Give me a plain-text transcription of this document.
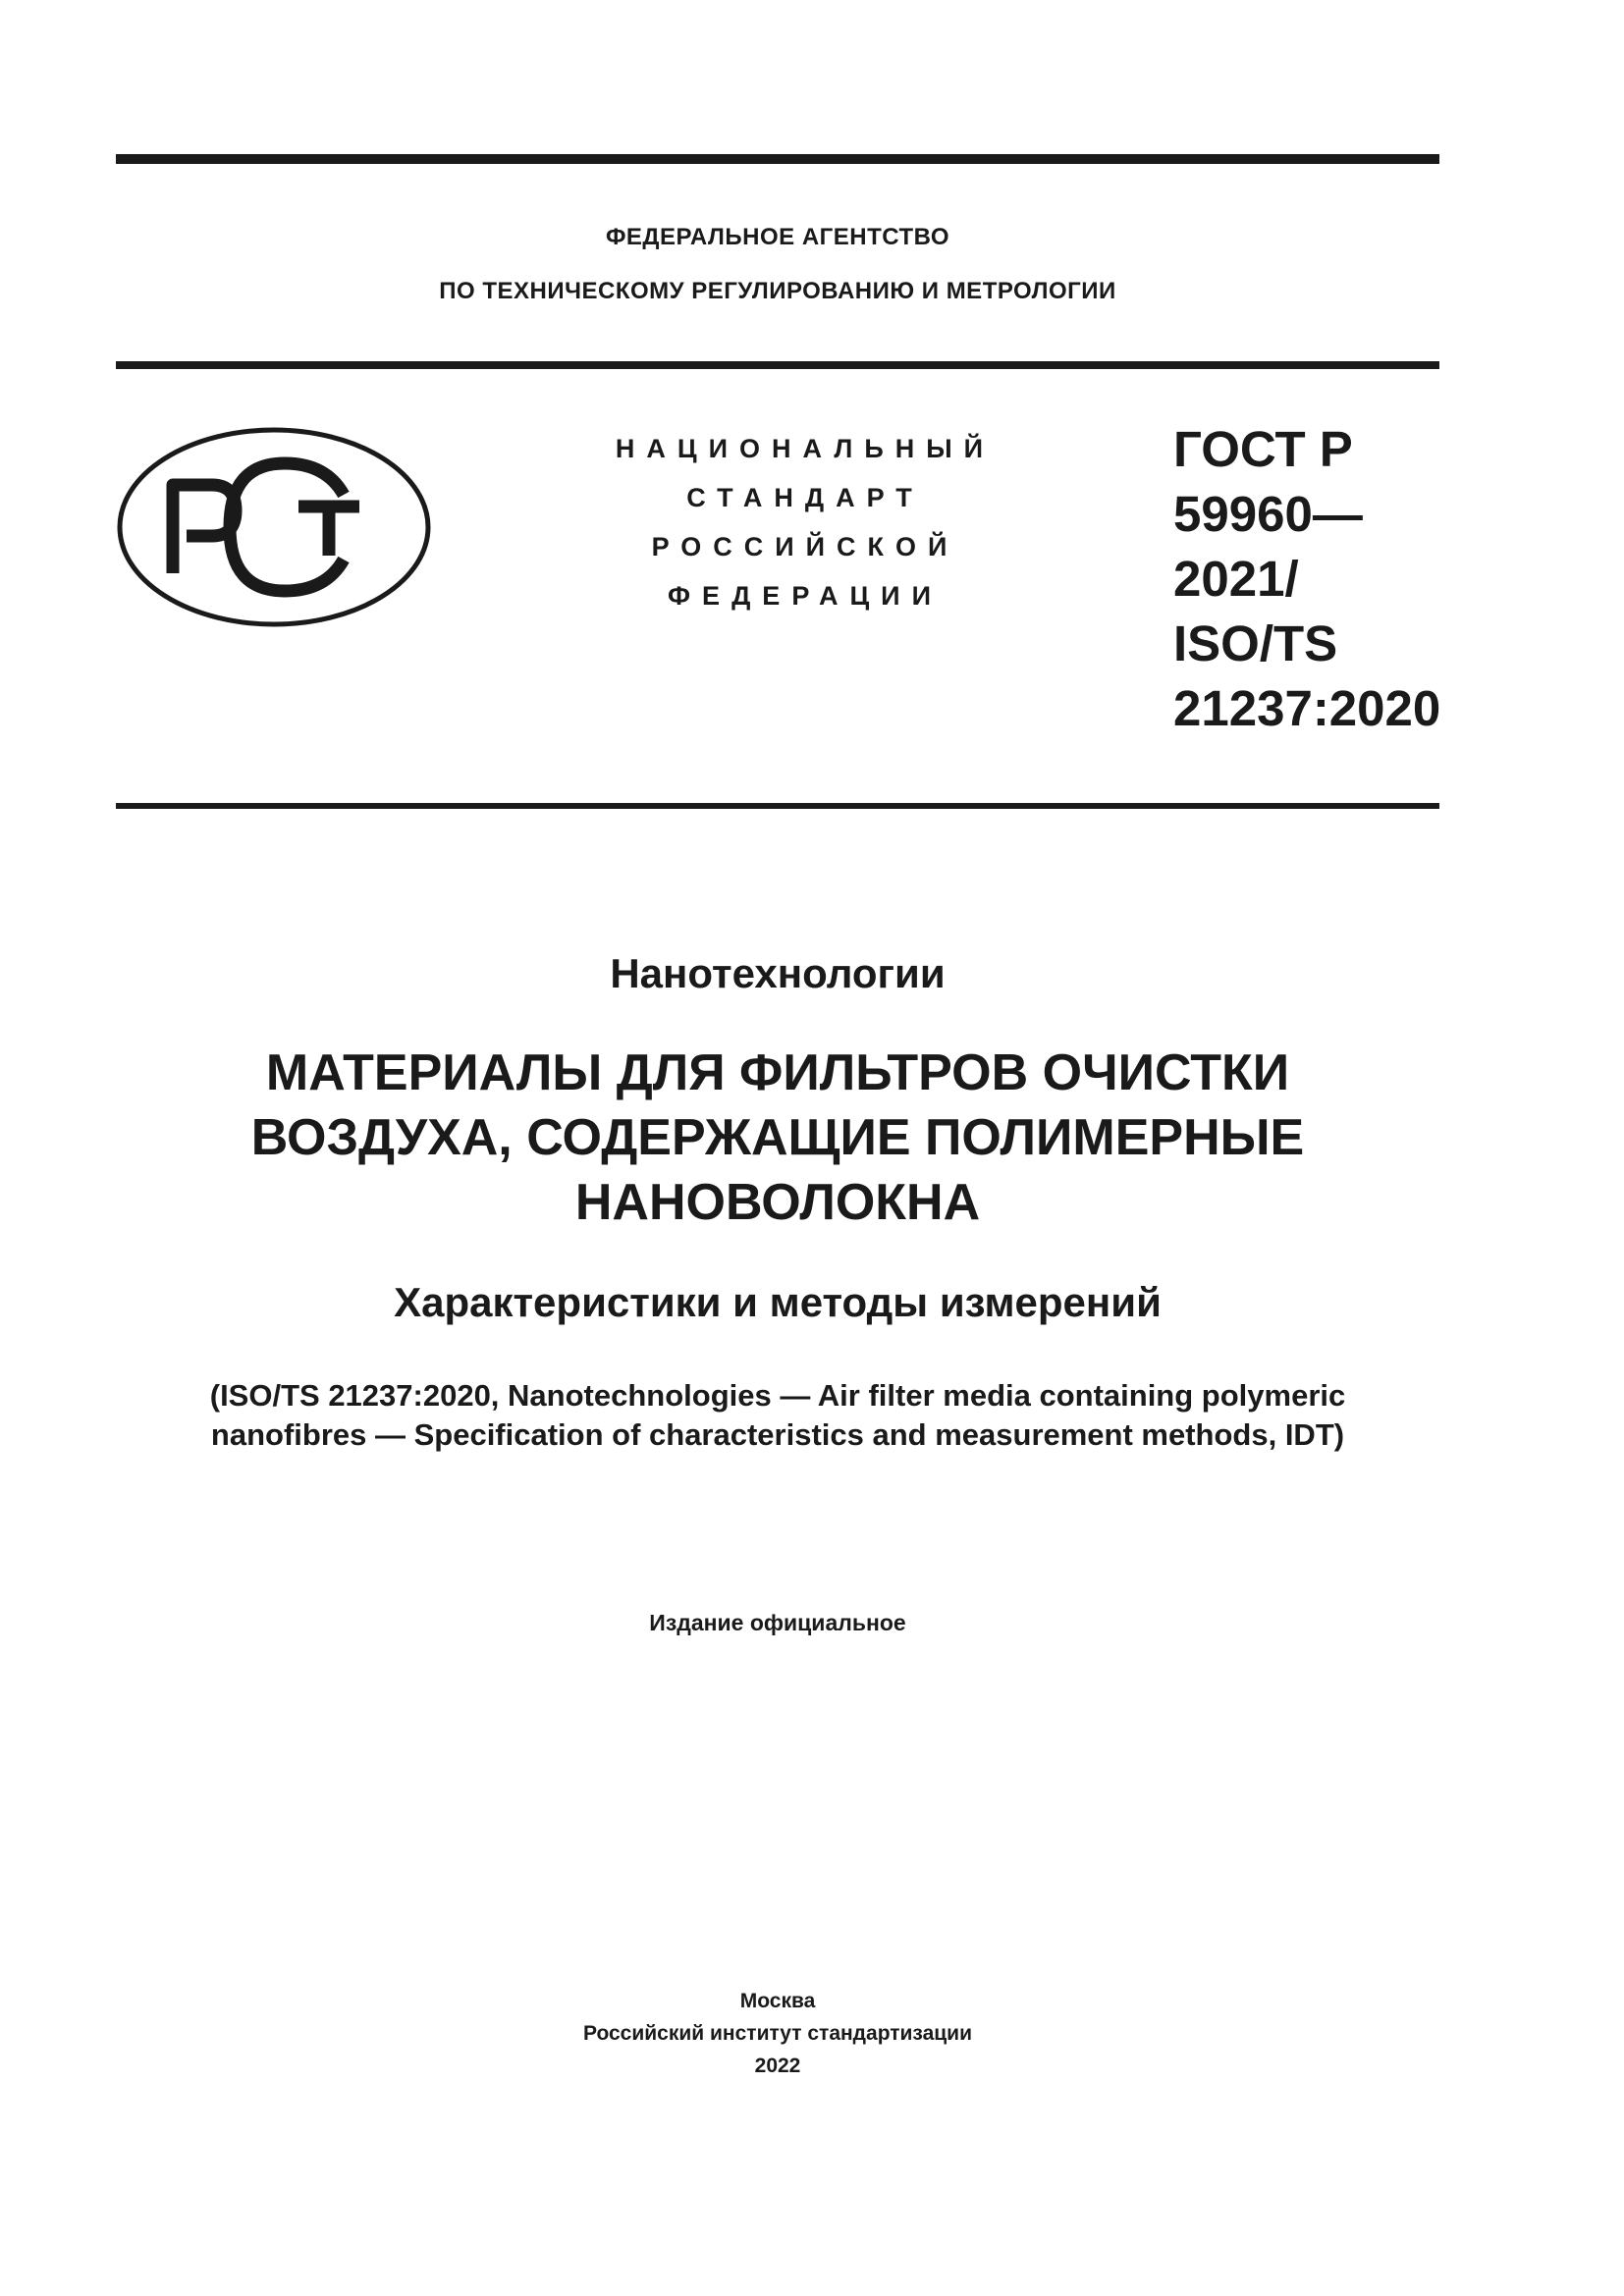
ФЕДЕРАЛЬНОЕ АГЕНТСТВО
ПО ТЕХНИЧЕСКОМУ РЕГУЛИРОВАНИЮ И МЕТРОЛОГИИ
НАЦИОНАЛЬНЫЙ
СТАНДАРТ
РОССИЙСКОЙ
ФЕДЕРАЦИИ
ГОСТ Р
59960—
2021/
ISO/TS
21237:2020
Нанотехнологии
МАТЕРИАЛЫ ДЛЯ ФИЛЬТРОВ ОЧИСТКИ
ВОЗДУХА, СОДЕРЖАЩИЕ ПОЛИМЕРНЫЕ
НАНОВОЛОКНА
Характеристики и методы измерений
(ISO/TS 21237:2020, Nanotechnologies — Air filter media containing polymeric
nanofibres — Specification of characteristics and measurement methods, IDT)
Издание официальное
Москва
Российский институт стандартизации
2022
